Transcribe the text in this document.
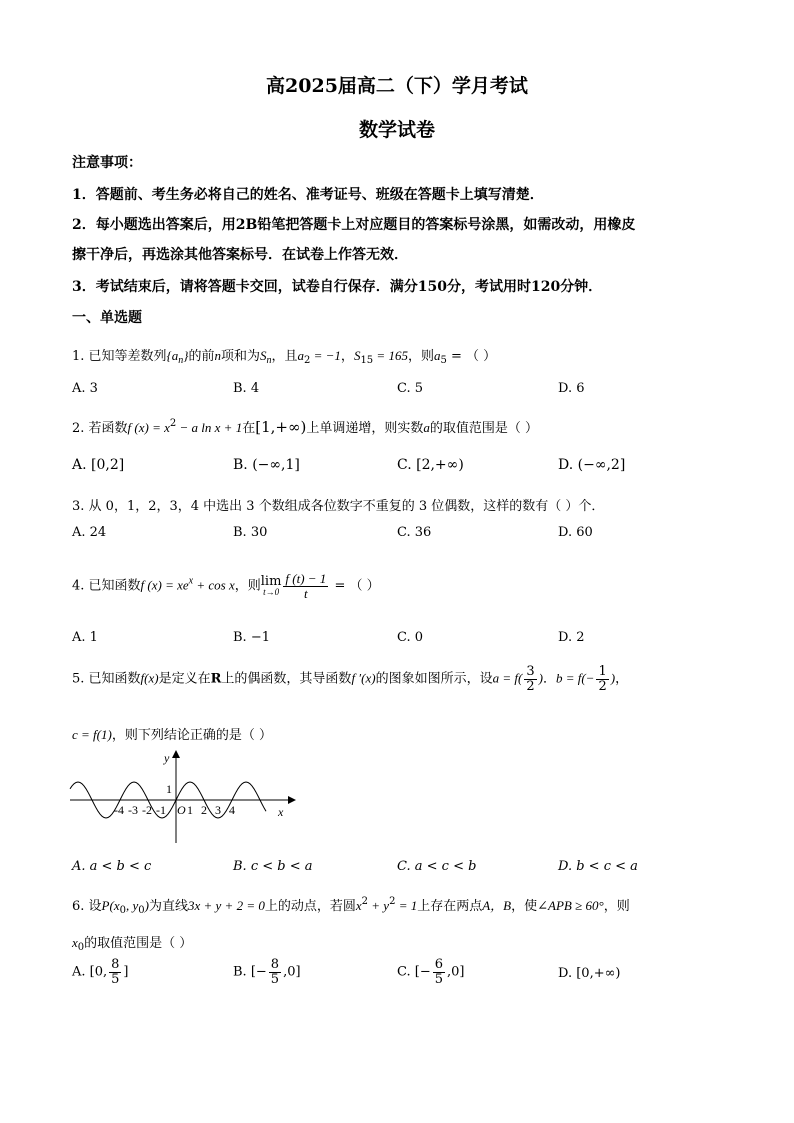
高2025届高二（下）学月考试
数学试卷
注意事项：
1．答题前、考生务必将自己的姓名、准考证号、班级在答题卡上填写清楚．
2．每小题选出答案后，用2B铅笔把答题卡上对应题目的答案标号涂黑，如需改动，用橡皮
擦干净后，再选涂其他答案标号．在试卷上作答无效．
3．考试结束后，请将答题卡交回，试卷自行保存．满分150分，考试用时120分钟．
一、单选题
1. 已知等差数列$\{a_n\}$的前n项和为$S_n$，且$a_2 = -1$，$S_{15} = 165$，则$a_5$ = （ ）
A. 3	B. 4	C. 5	D. 6
2. 若函数f $(x) = x^2 - a$ ln x + 1在[1,+∞)上单调递增，则实数a的取值范围是（ ）
A. [0,2]	B. (−∞,1]	C. [2,+∞)	D. (−∞,2]
3. 从 0，1，2，3，4 中选出 3 个数组成各位数字不重复的 3 位偶数，这样的数有（ ）个．
A. 24	B. 30	C. 36	D. 60
4. 已知函数f $(x) = xe^x + \cos x$，则lim
$t\to 0 \frac{f (t) - 1}{t}$ = （ ）
A. 1	B. −1	C. 0	D. 2
5. 已知函数f(x)是定义在R上的偶函数，其导函数f ′(x)的图象如图所示，设$a = f( \frac{3}{2}$ )．$b = f(- \frac{1}{2}$ )，
c = f(1)，则下列结论正确的是（ ）
y
x
1
O
-4 -3 -2 -1 1 2 3 4
A. a < b < c	B. c < b < a	C. a < c < b	D. b < c < a
6. 设$P(x_0$, $y_0$)为直线3x + y + 2 = 0上的动点，若圆$x^2 + y^2 = 1$上存在两点A，B，使∠APB ≥ 60°，则
$x_0$的取值范围是（ ）
A. [0, $\frac{8}{5}$ ]	B. [− $\frac{8}{5} ,0$]	C. [− $\frac{6}{5} ,0$]	D. [0,+∞)
